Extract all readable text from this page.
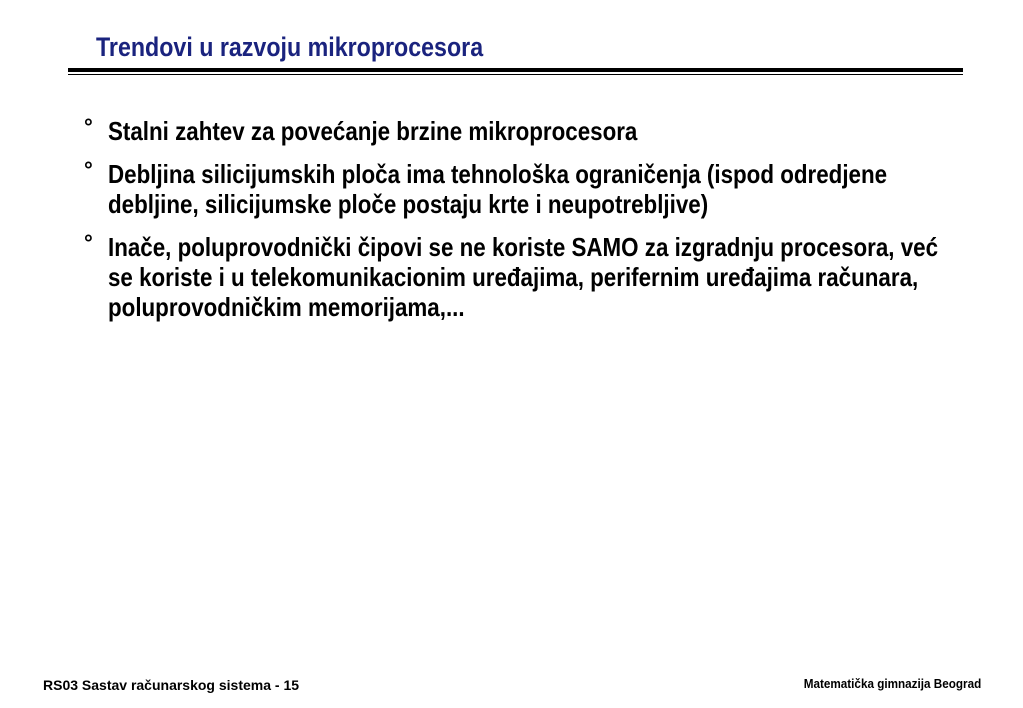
Trendovi u razvoju mikroprocesora
° Stalni zahtev za povećanje brzine mikroprocesora
° Debljina silicijumskih ploča ima tehnološka ograničenja (ispod odredjene debljine, silicijumske ploče postaju krte i neupotrebljive)
° Inače, poluprovodnički čipovi se ne koriste SAMO za izgradnju procesora, već se koriste i u telekomunikacionim uređajima, perifernim uređajima računara, poluprovodničkim memorijama,...
RS03 Sastav računarskog sistema - 15	Matematička gimnazija Beograd
